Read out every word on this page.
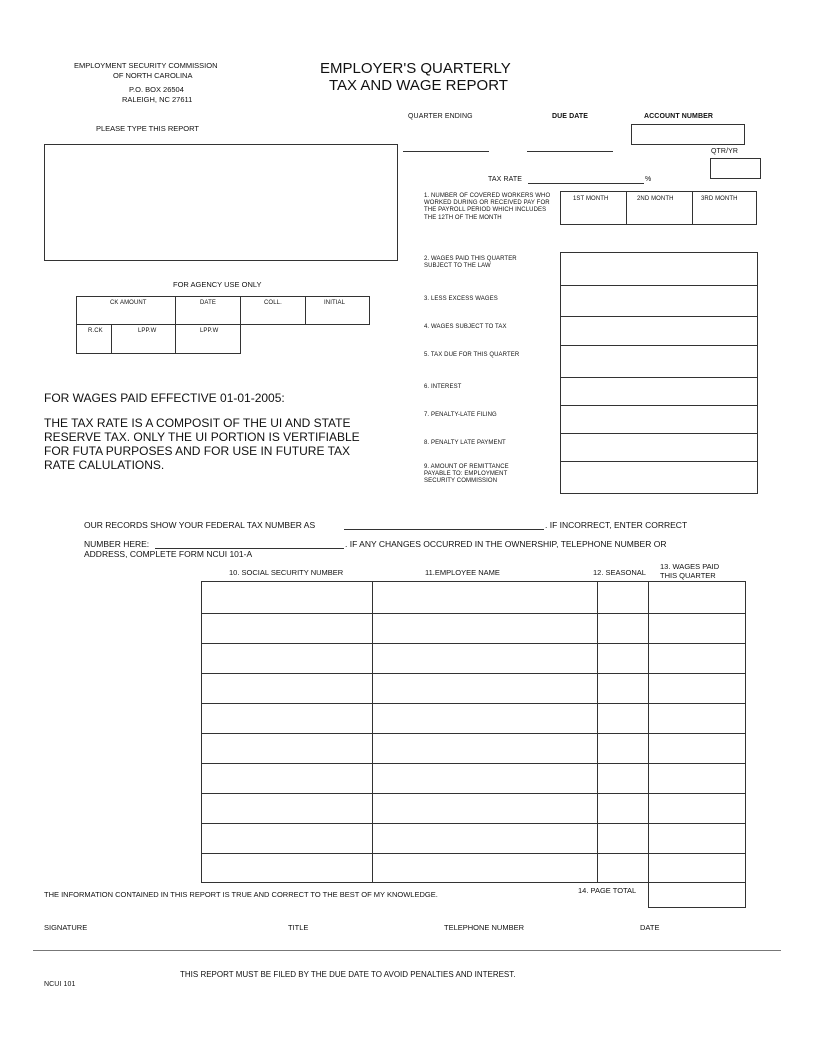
EMPLOYMENT SECURITY COMMISSION
OF NORTH CAROLINA
P.O. BOX 26504
RALEIGH, NC 27611
EMPLOYER'S QUARTERLY
TAX AND WAGE REPORT
PLEASE TYPE THIS REPORT
QUARTER ENDING	DUE DATE	ACCOUNT NUMBER
QTR/YR
TAX RATE	%
1. NUMBER OF COVERED WORKERS WHO WORKED DURING OR RECEIVED PAY FOR THE PAYROLL PERIOD WHICH INCLUDES THE 12TH OF THE MONTH
1ST MONTH	2ND MONTH	3RD MONTH
2. WAGES PAID THIS QUARTER SUBJECT TO THE LAW
3. LESS EXCESS WAGES
4. WAGES SUBJECT TO TAX
5. TAX DUE FOR THIS QUARTER
6. INTEREST
7. PENALTY-LATE FILING
8. PENALTY LATE PAYMENT
9. AMOUNT OF REMITTANCE PAYABLE TO: EMPLOYMENT SECURITY COMMISSION
FOR AGENCY USE ONLY
CK AMOUNT	DATE	COLL.	INITIAL
R.CK	LPP.W	LPP.W
FOR WAGES PAID EFFECTIVE 01-01-2005:
THE TAX RATE IS A COMPOSIT OF THE UI AND STATE
RESERVE TAX. ONLY THE UI PORTION IS VERTIFIABLE
FOR FUTA PURPOSES AND FOR USE IN FUTURE TAX
RATE CALULATIONS.
OUR RECORDS SHOW YOUR FEDERAL TAX NUMBER AS	. IF INCORRECT, ENTER CORRECT
NUMBER HERE:	. IF ANY CHANGES OCCURRED IN THE OWNERSHIP, TELEPHONE NUMBER OR
ADDRESS, COMPLETE FORM NCUI 101-A
10. SOCIAL SECURITY NUMBER	11.EMPLOYEE NAME	12. SEASONAL
13. WAGES PAID THIS QUARTER
14. PAGE TOTAL
THE INFORMATION CONTAINED IN THIS REPORT IS TRUE AND CORRECT TO THE BEST OF MY KNOWLEDGE.
SIGNATURE	TITLE	TELEPHONE NUMBER	DATE
THIS REPORT MUST BE FILED BY THE DUE DATE TO AVOID PENALTIES AND INTEREST.
NCUI 101
